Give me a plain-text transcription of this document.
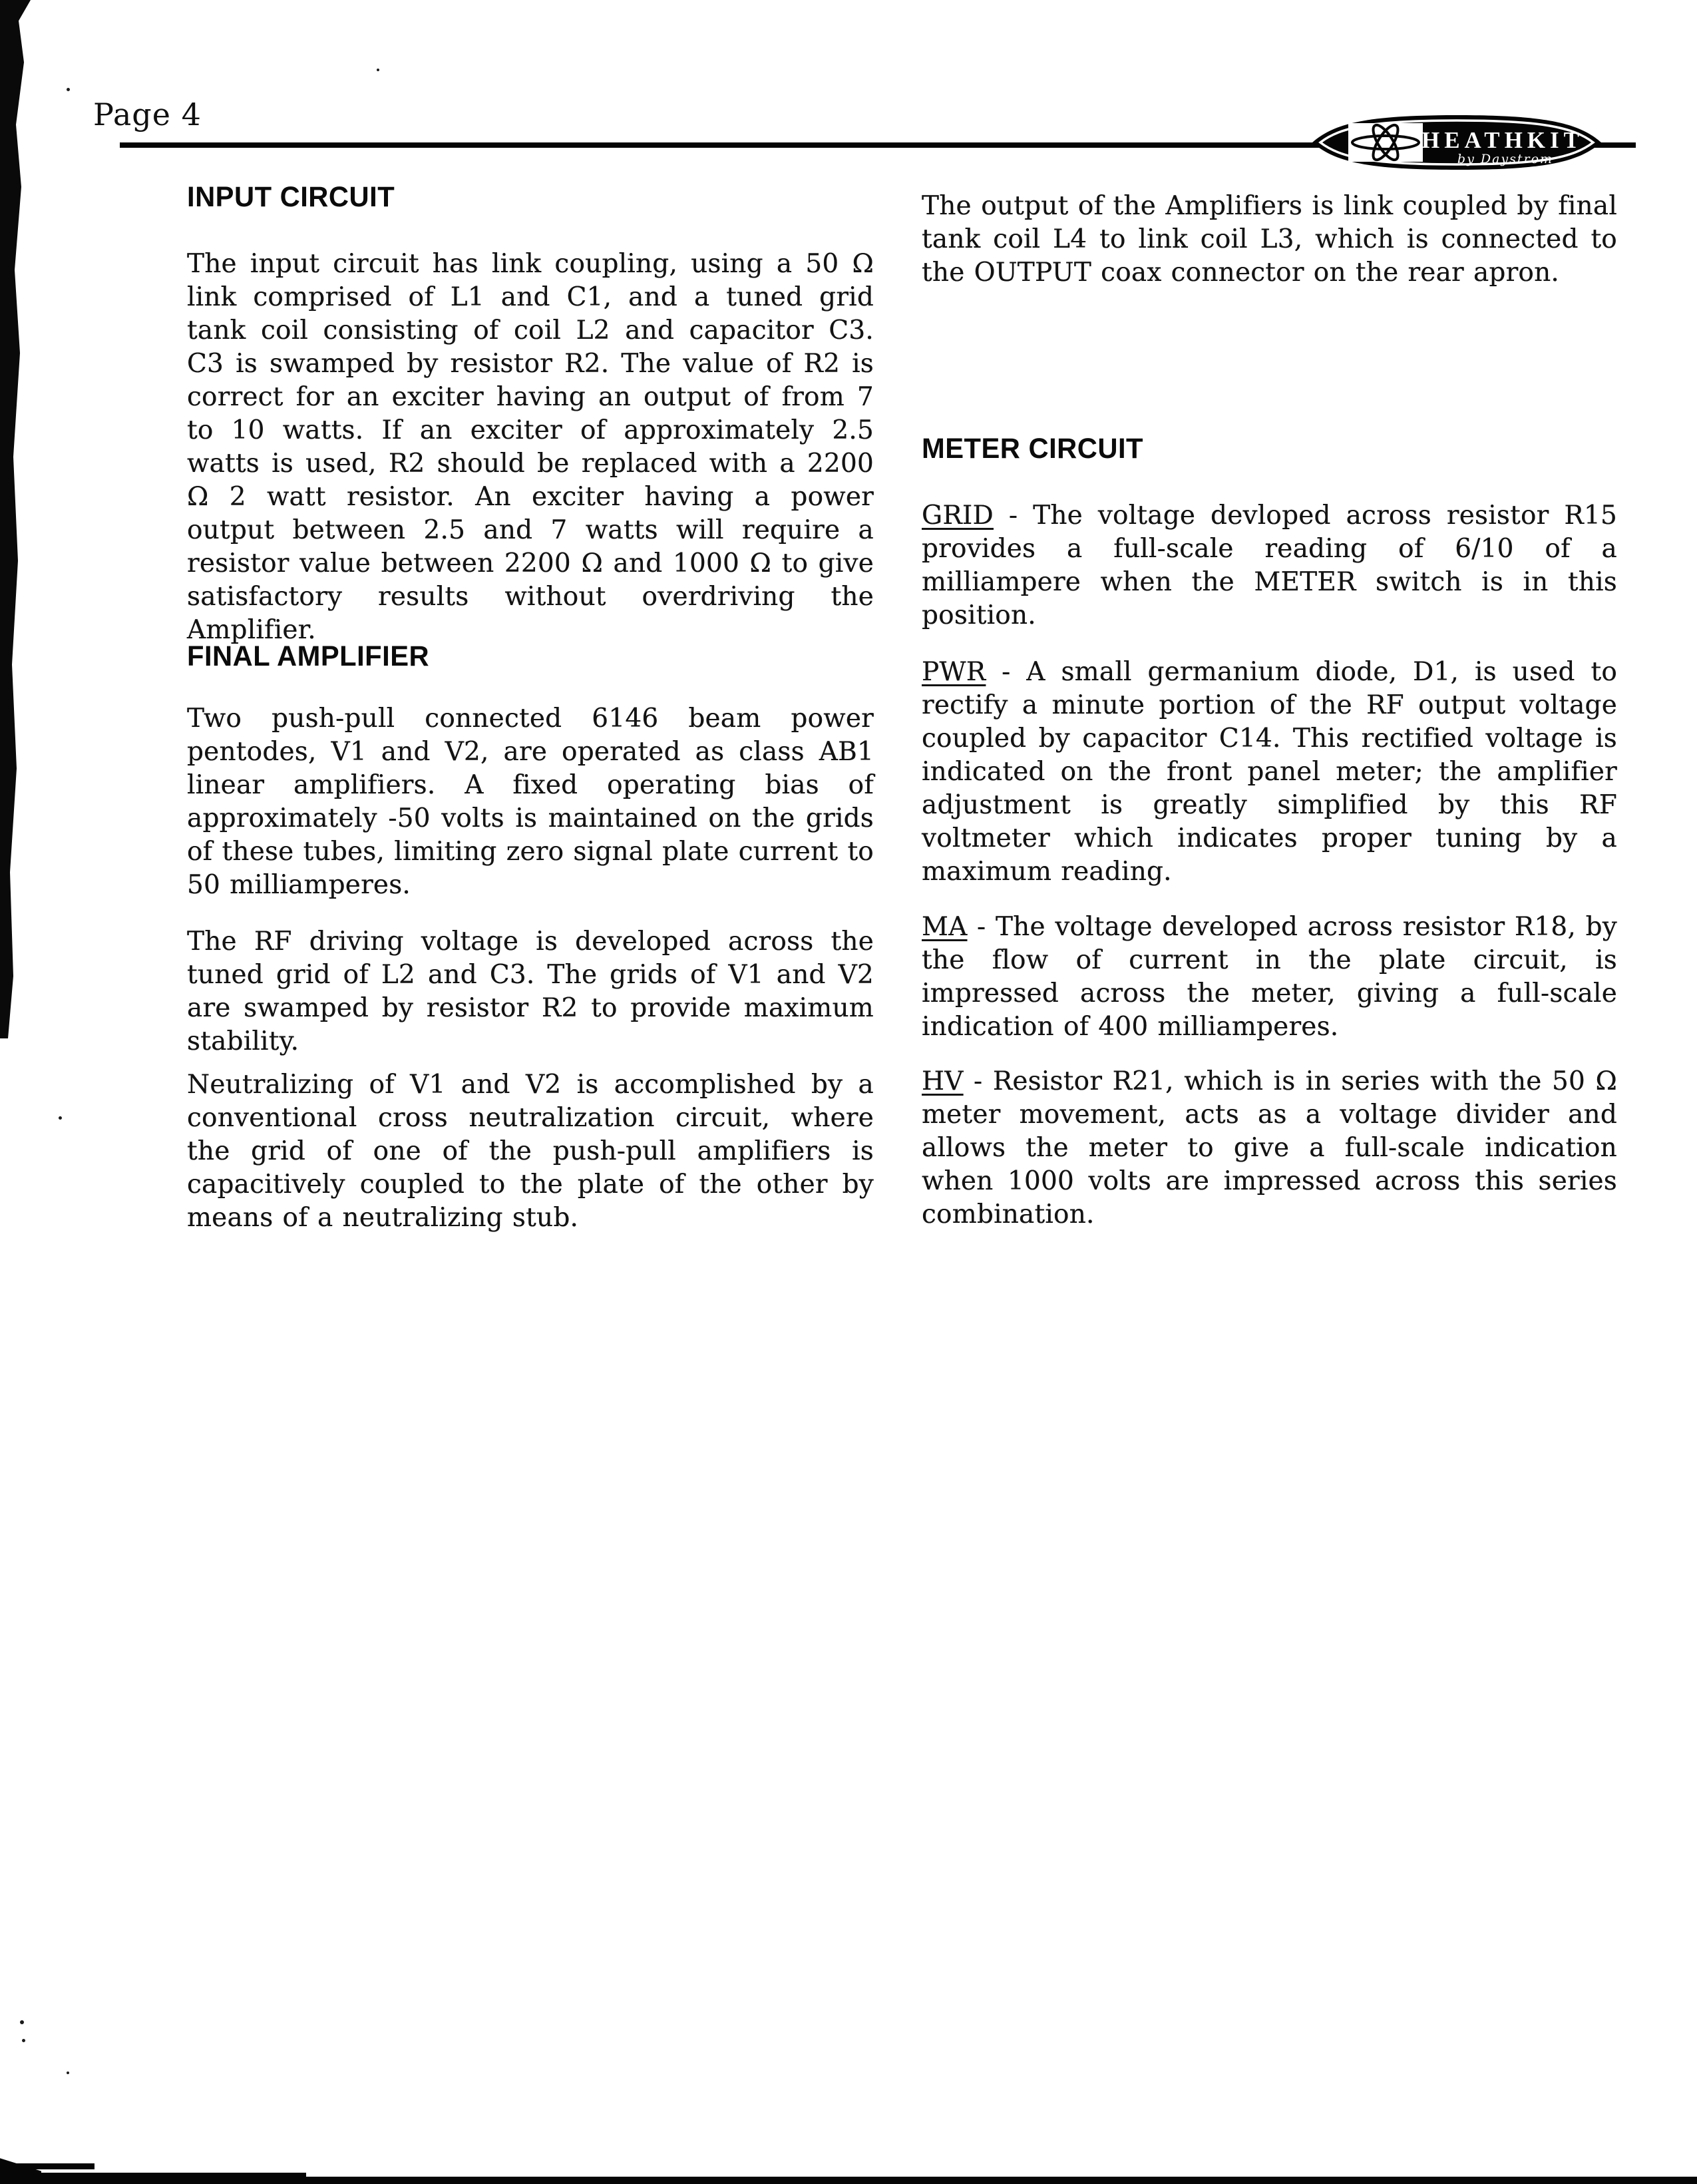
Page 4
HEATHKIT ®
by Daystrom
INPUT CIRCUIT
The input circuit has link coupling, using a 50 Ω link comprised of L1 and C1, and a tuned grid tank coil consisting of coil L2 and capacitor C3. C3 is swamped by resistor R2. The value of R2 is correct for an exciter having an output of from 7 to 10 watts. If an exciter of approximately 2.5 watts is used, R2 should be replaced with a 2200 Ω 2 watt resistor. An exciter having a power output between 2.5 and 7 watts will require a resistor value between 2200 Ω and 1000 Ω to give satisfactory results without overdriving the Amplifier.
FINAL AMPLIFIER
Two push-pull connected 6146 beam power pentodes, V1 and V2, are operated as class AB1 linear amplifiers. A fixed operating bias of approximately -50 volts is maintained on the grids of these tubes, limiting zero signal plate current to 50 milliamperes.
The RF driving voltage is developed across the tuned grid of L2 and C3. The grids of V1 and V2 are swamped by resistor R2 to provide maximum stability.
Neutralizing of V1 and V2 is accomplished by a conventional cross neutralization circuit, where the grid of one of the push-pull amplifiers is capacitively coupled to the plate of the other by means of a neutralizing stub.
The output of the Amplifiers is link coupled by final tank coil L4 to link coil L3, which is connected to the OUTPUT coax connector on the rear apron.
METER CIRCUIT
GRID - The voltage devloped across resistor R15 provides a full-scale reading of 6/10 of a milliampere when the METER switch is in this position.
PWR - A small germanium diode, D1, is used to rectify a minute portion of the RF output voltage coupled by capacitor C14. This rectified voltage is indicated on the front panel meter; the amplifier adjustment is greatly simplified by this RF voltmeter which indicates proper tuning by a maximum reading.
MA - The voltage developed across resistor R18, by the flow of current in the plate circuit, is impressed across the meter, giving a full-scale indication of 400 milliamperes.
HV - Resistor R21, which is in series with the 50 Ω meter movement, acts as a voltage divider and allows the meter to give a full-scale indication when 1000 volts are impressed across this series combination.
